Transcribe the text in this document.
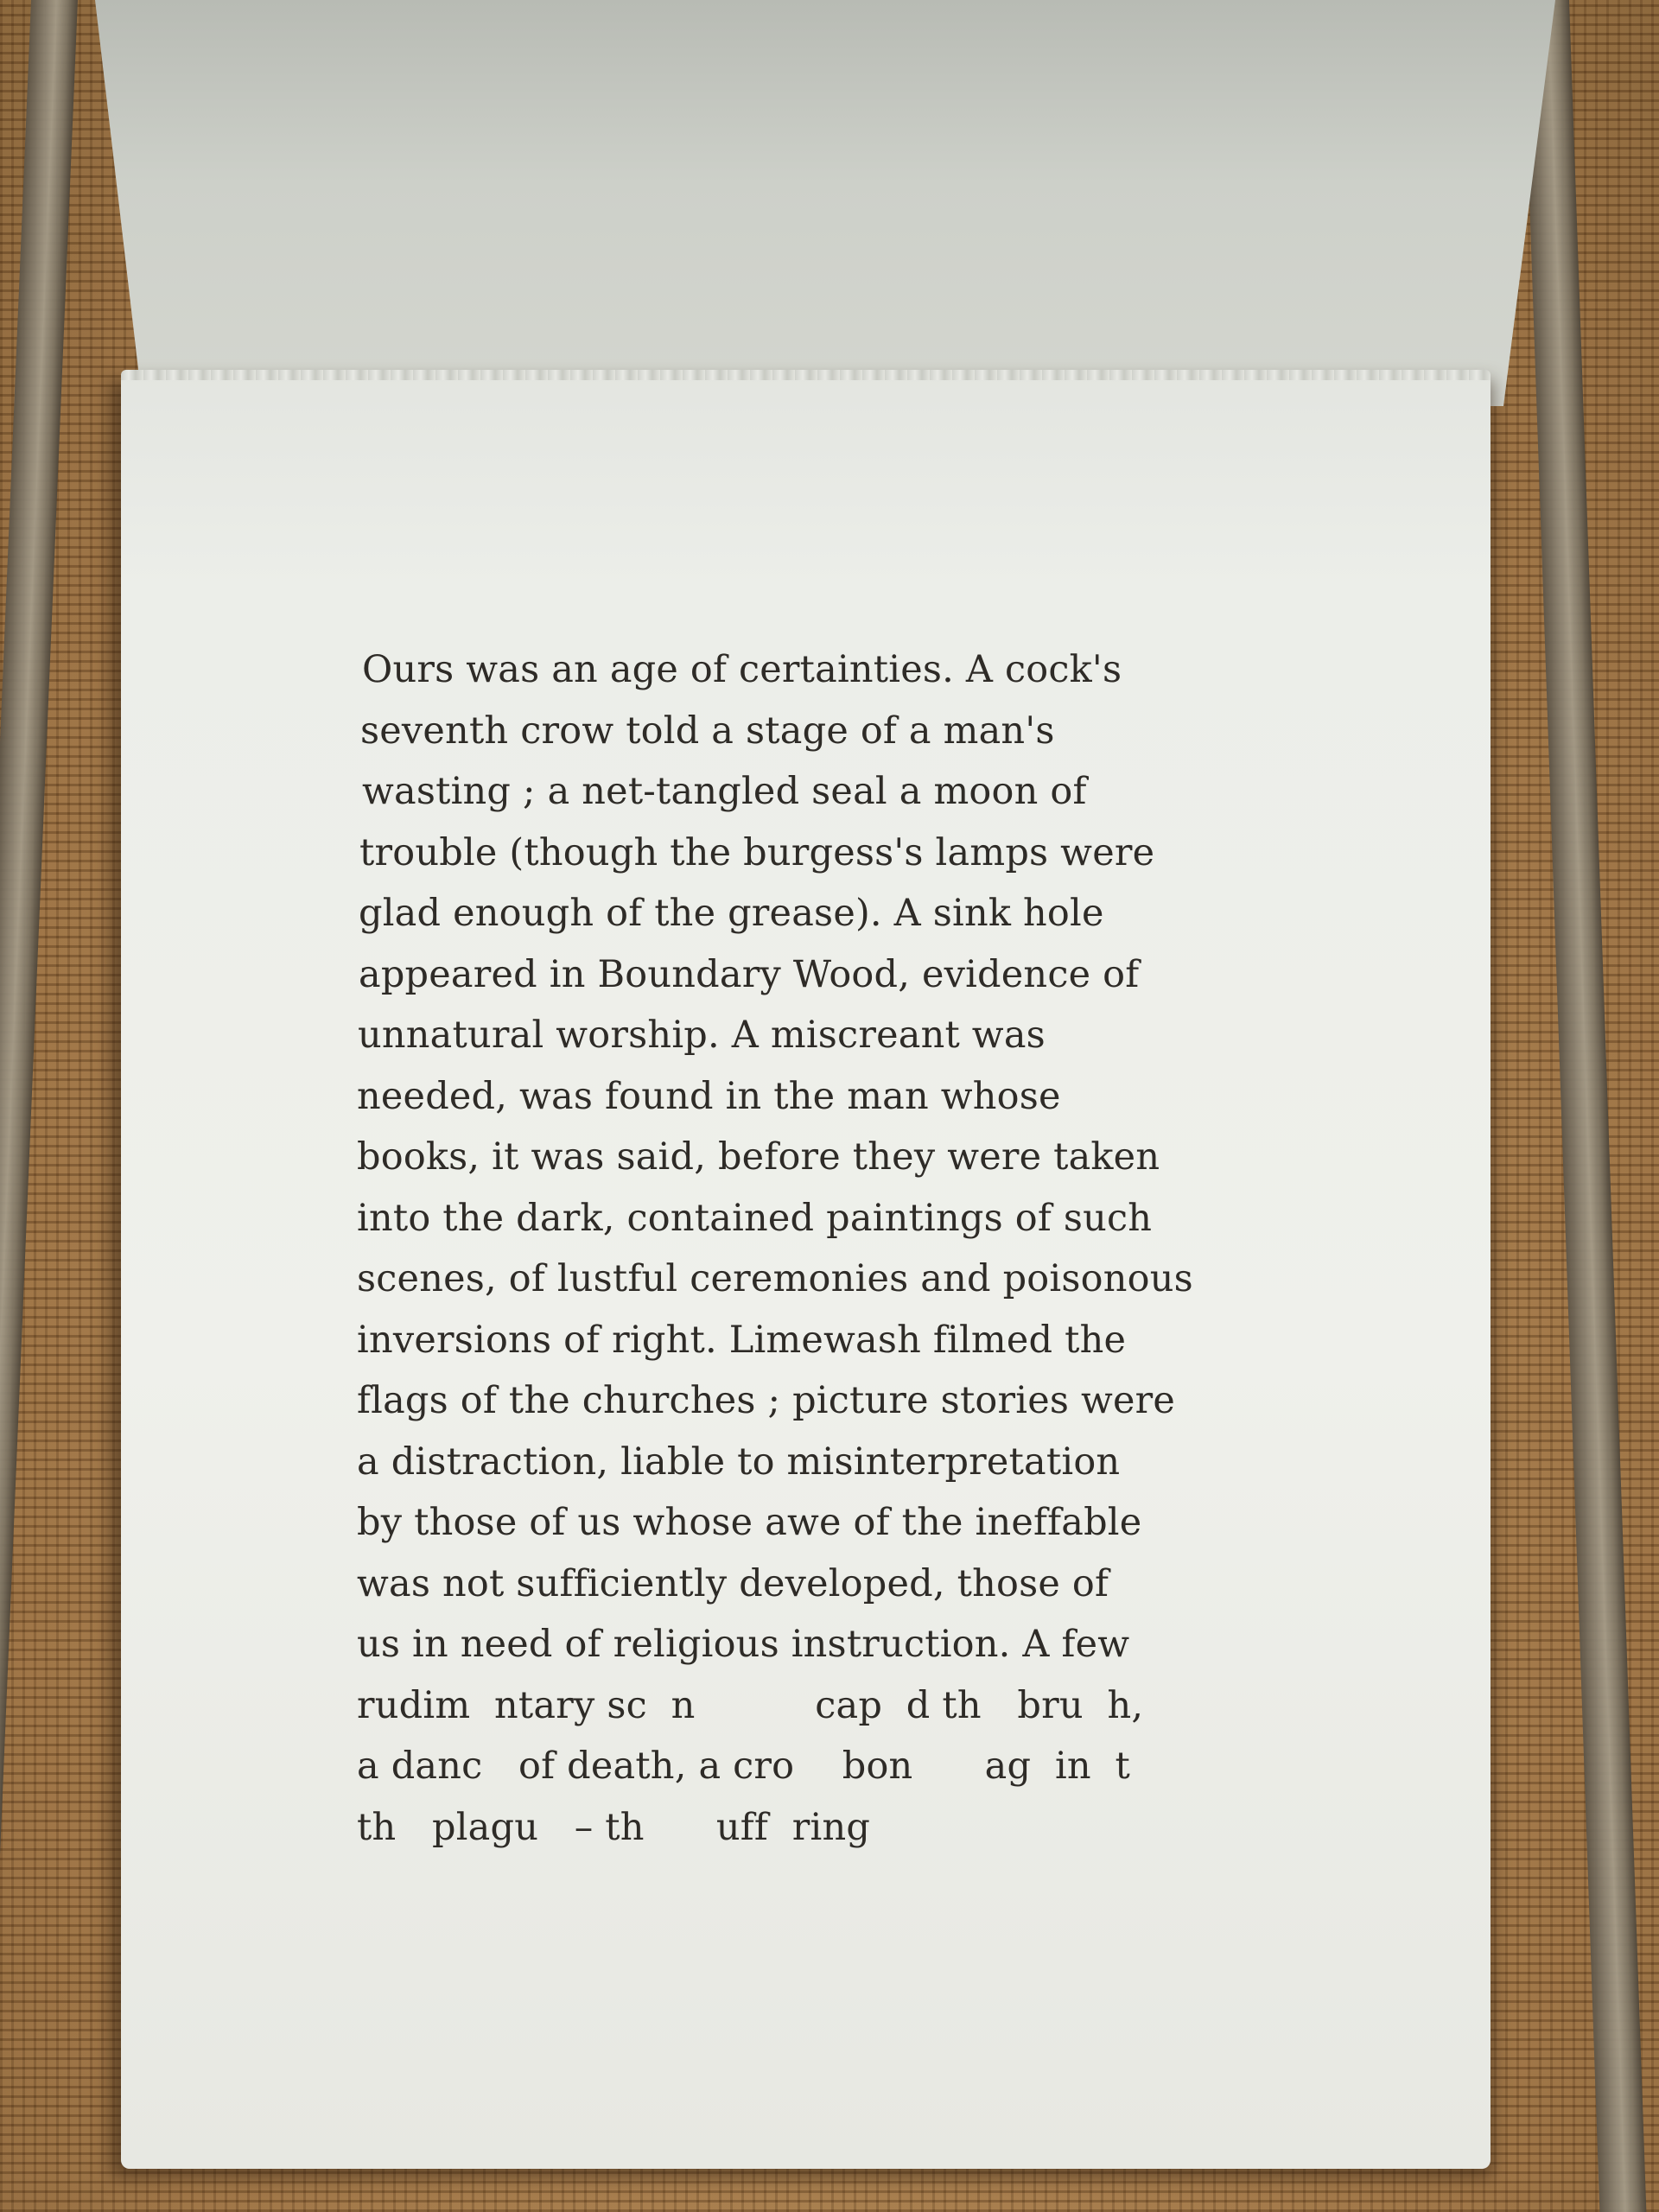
Ours was an age of certainties. A cock's
seventh crow told a stage of a man's
wasting ; a net-tangled seal a moon of
trouble (though the burgess's lamps were
glad enough of the grease). A sink hole
appeared in Boundary Wood, evidence of
unnatural worship. A miscreant was
needed, was found in the man whose
books, it was said, before they were taken
into the dark, contained paintings of such
scenes, of lustful ceremonies and poisonous
inversions of right. Limewash filmed the
flags of the churches ; picture stories were
a distraction, liable to misinterpretation
by those of us whose awe of the ineffable
was not sufficiently developed, those of
us in need of religious instruction. A few
rudim  ntary sc  n          cap  d th   bru  h,
a danc   of death, a cro    bon      ag  in  t
th   plagu   – th      uff  ring
